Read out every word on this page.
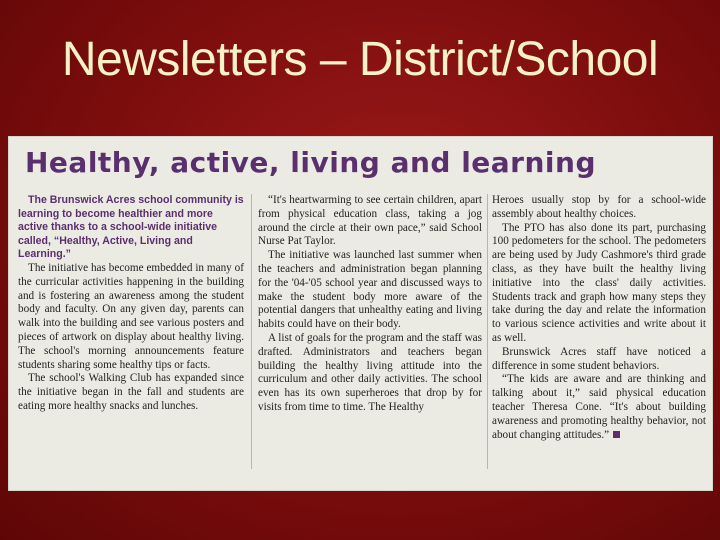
Newsletters – District/School
Healthy, active, living and learning

The Brunswick Acres school community is learning to become healthier and more active thanks to a school-wide initiative called, “Healthy, Active, Living and Learning.”

The initiative has become embedded in many of the curricular activities happening in the building and is fostering an awareness among the student body and faculty. On any given day, parents can walk into the building and see various posters and pieces of artwork on display about healthy living. The school's morning announcements feature students sharing some healthy tips or facts.

The school's Walking Club has expanded since the initiative began in the fall and students are eating more healthy snacks and lunches.

“It's heartwarming to see certain children, apart from physical education class, taking a jog around the circle at their own pace,” said School Nurse Pat Taylor.

The initiative was launched last summer when the teachers and administration began planning for the '04-'05 school year and discussed ways to make the student body more aware of the potential dangers that unhealthy eating and living habits could have on their body.

A list of goals for the program and the staff was drafted. Administrators and teachers began building the healthy living attitude into the curriculum and other daily activities. The school even has its own superheroes that drop by for visits from time to time. The Healthy

Heroes usually stop by for a school-wide assembly about healthy choices.

The PTO has also done its part, purchasing 100 pedometers for the school. The pedometers are being used by Judy Cashmore's third grade class, as they have built the healthy living initiative into the class' daily activities. Students track and graph how many steps they take during the day and relate the information to various science activities and write about it as well.

Brunswick Acres staff have noticed a difference in some student behaviors.

“The kids are aware and are thinking and talking about it,” said physical education teacher Theresa Cone. “It's about building awareness and promoting healthy behavior, not about changing attitudes.”
